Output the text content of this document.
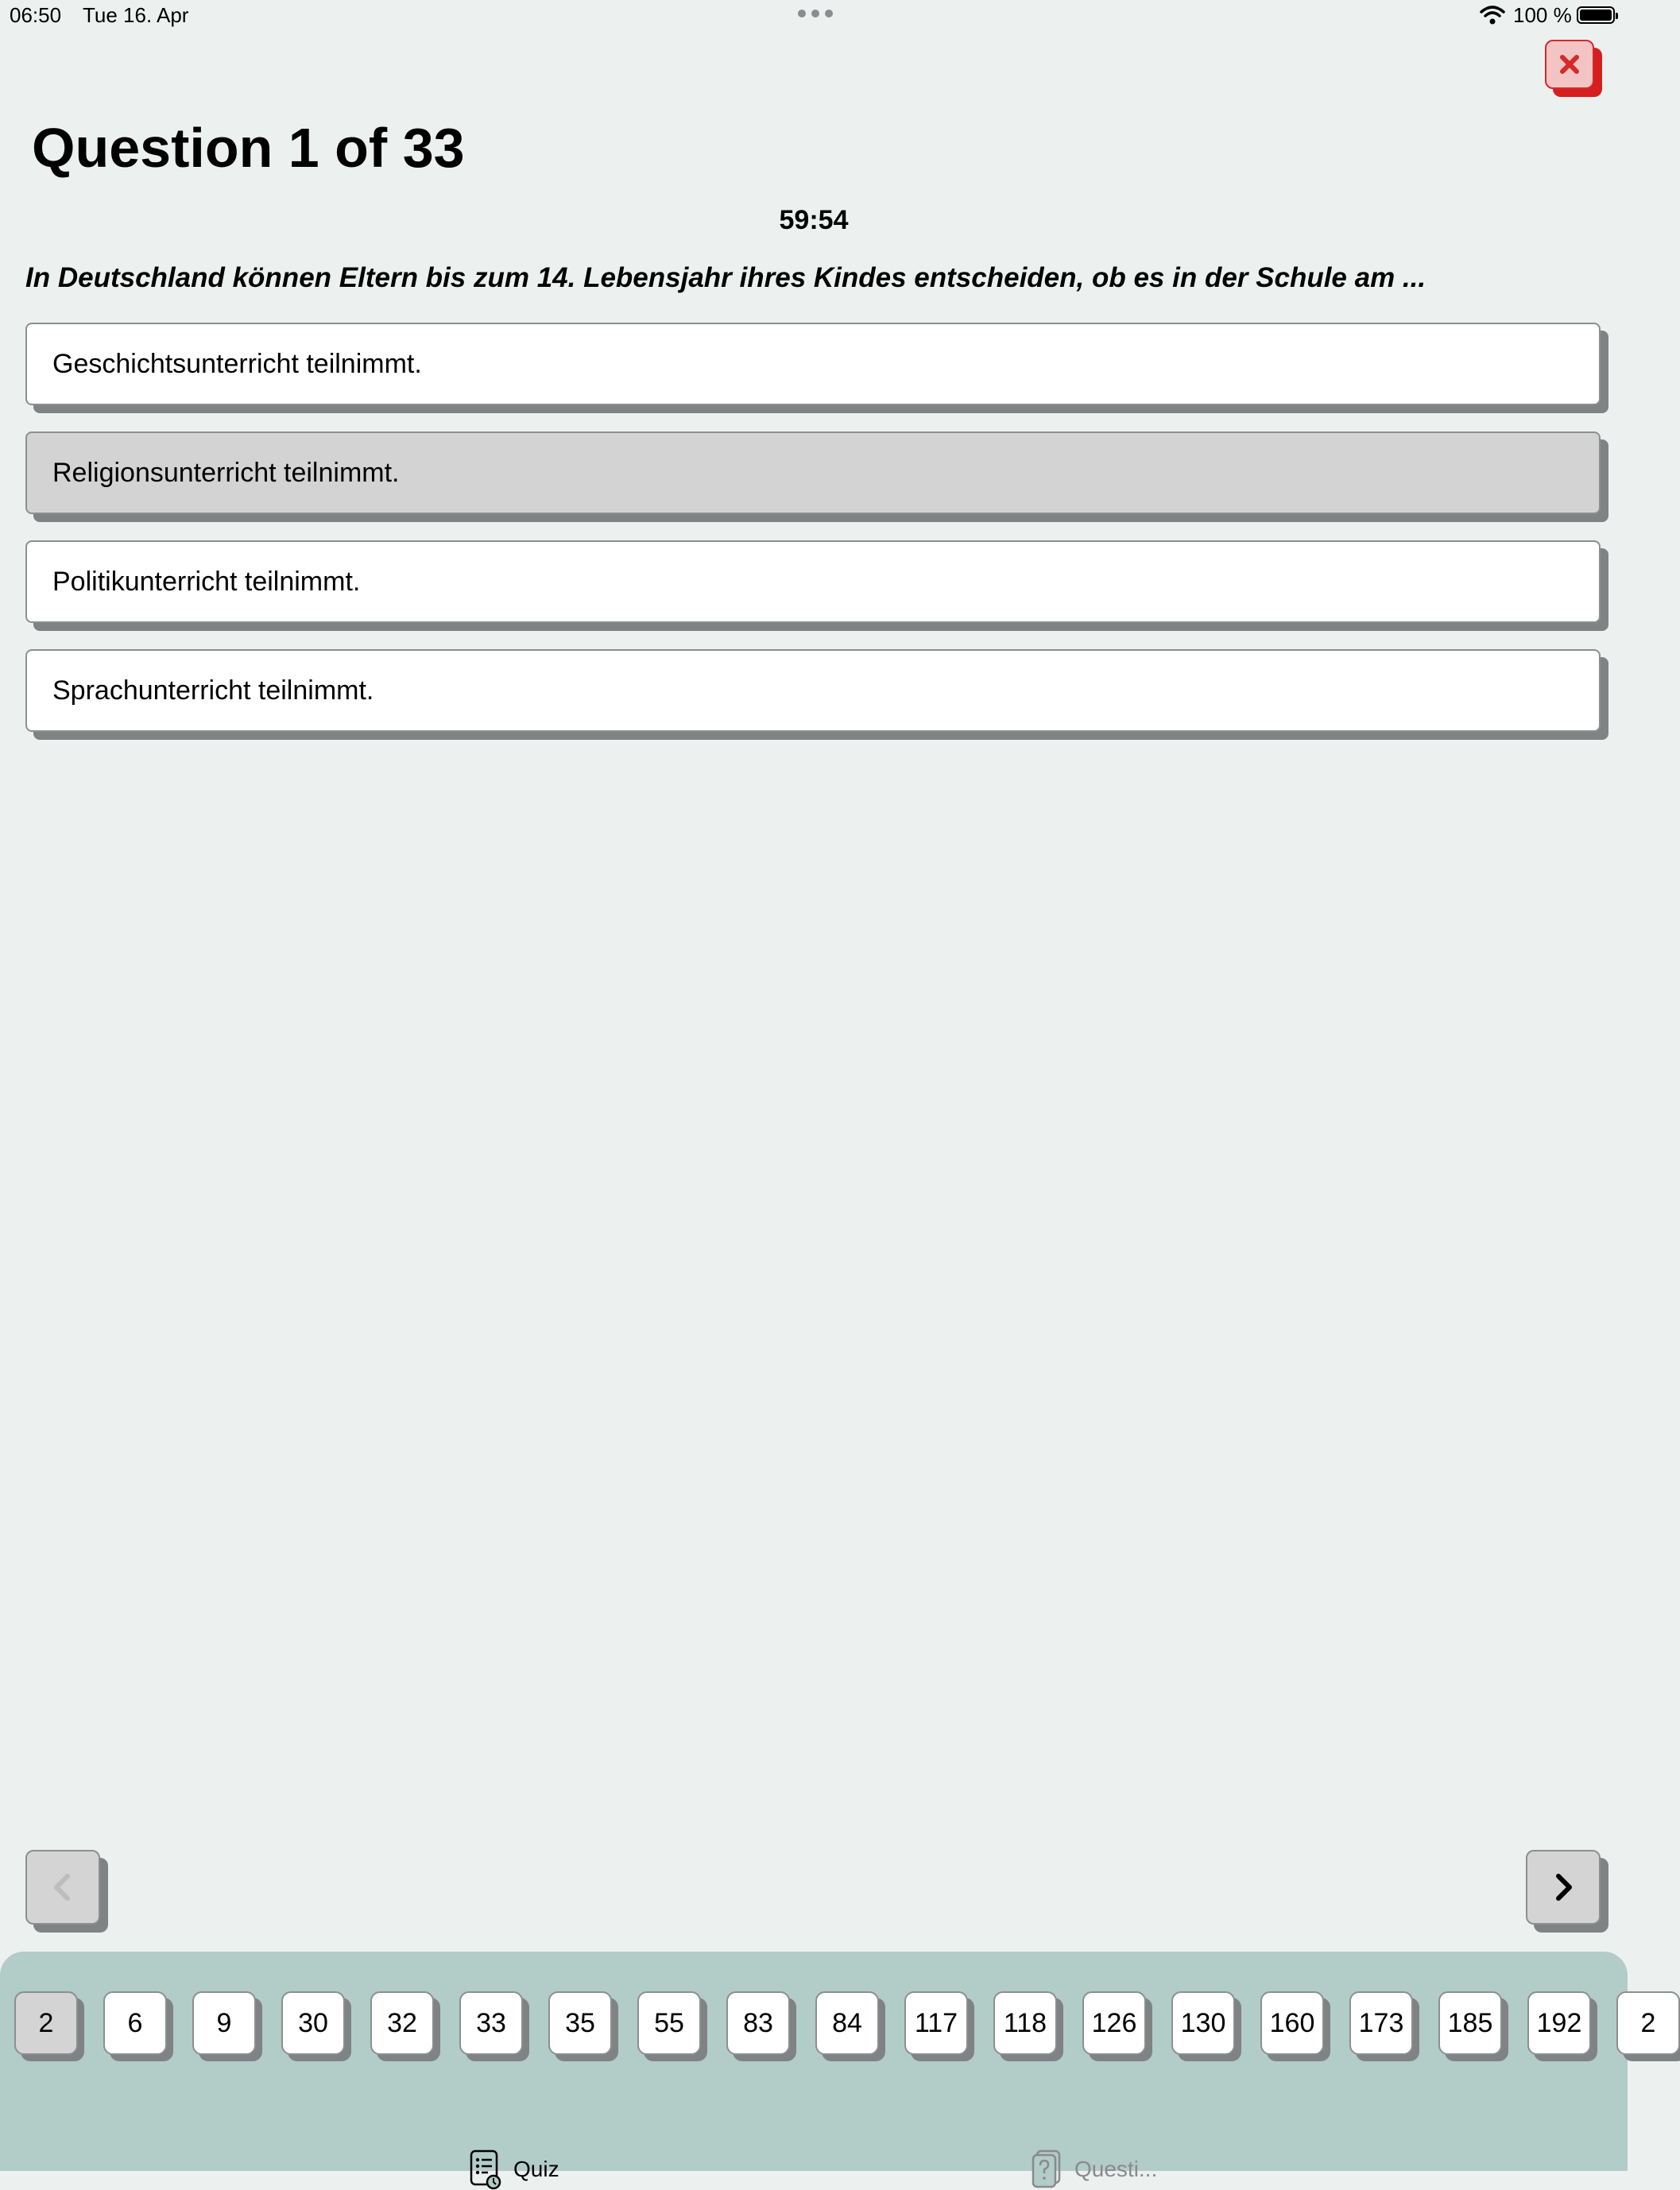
06:50 Tue 16. Apr	100 %
Question 1 of 33
59:54
In Deutschland können Eltern bis zum 14. Lebensjahr ihres Kindes entscheiden, ob es in der Schule am ...
Geschichtsunterricht teilnimmt.
Religionsunterricht teilnimmt.
Politikunterricht teilnimmt.
Sprachunterricht teilnimmt.
2	6	9	30	32	33	35	55	83	84	117	118	126	130	160	173	185	192	2
Quiz	Questi...
